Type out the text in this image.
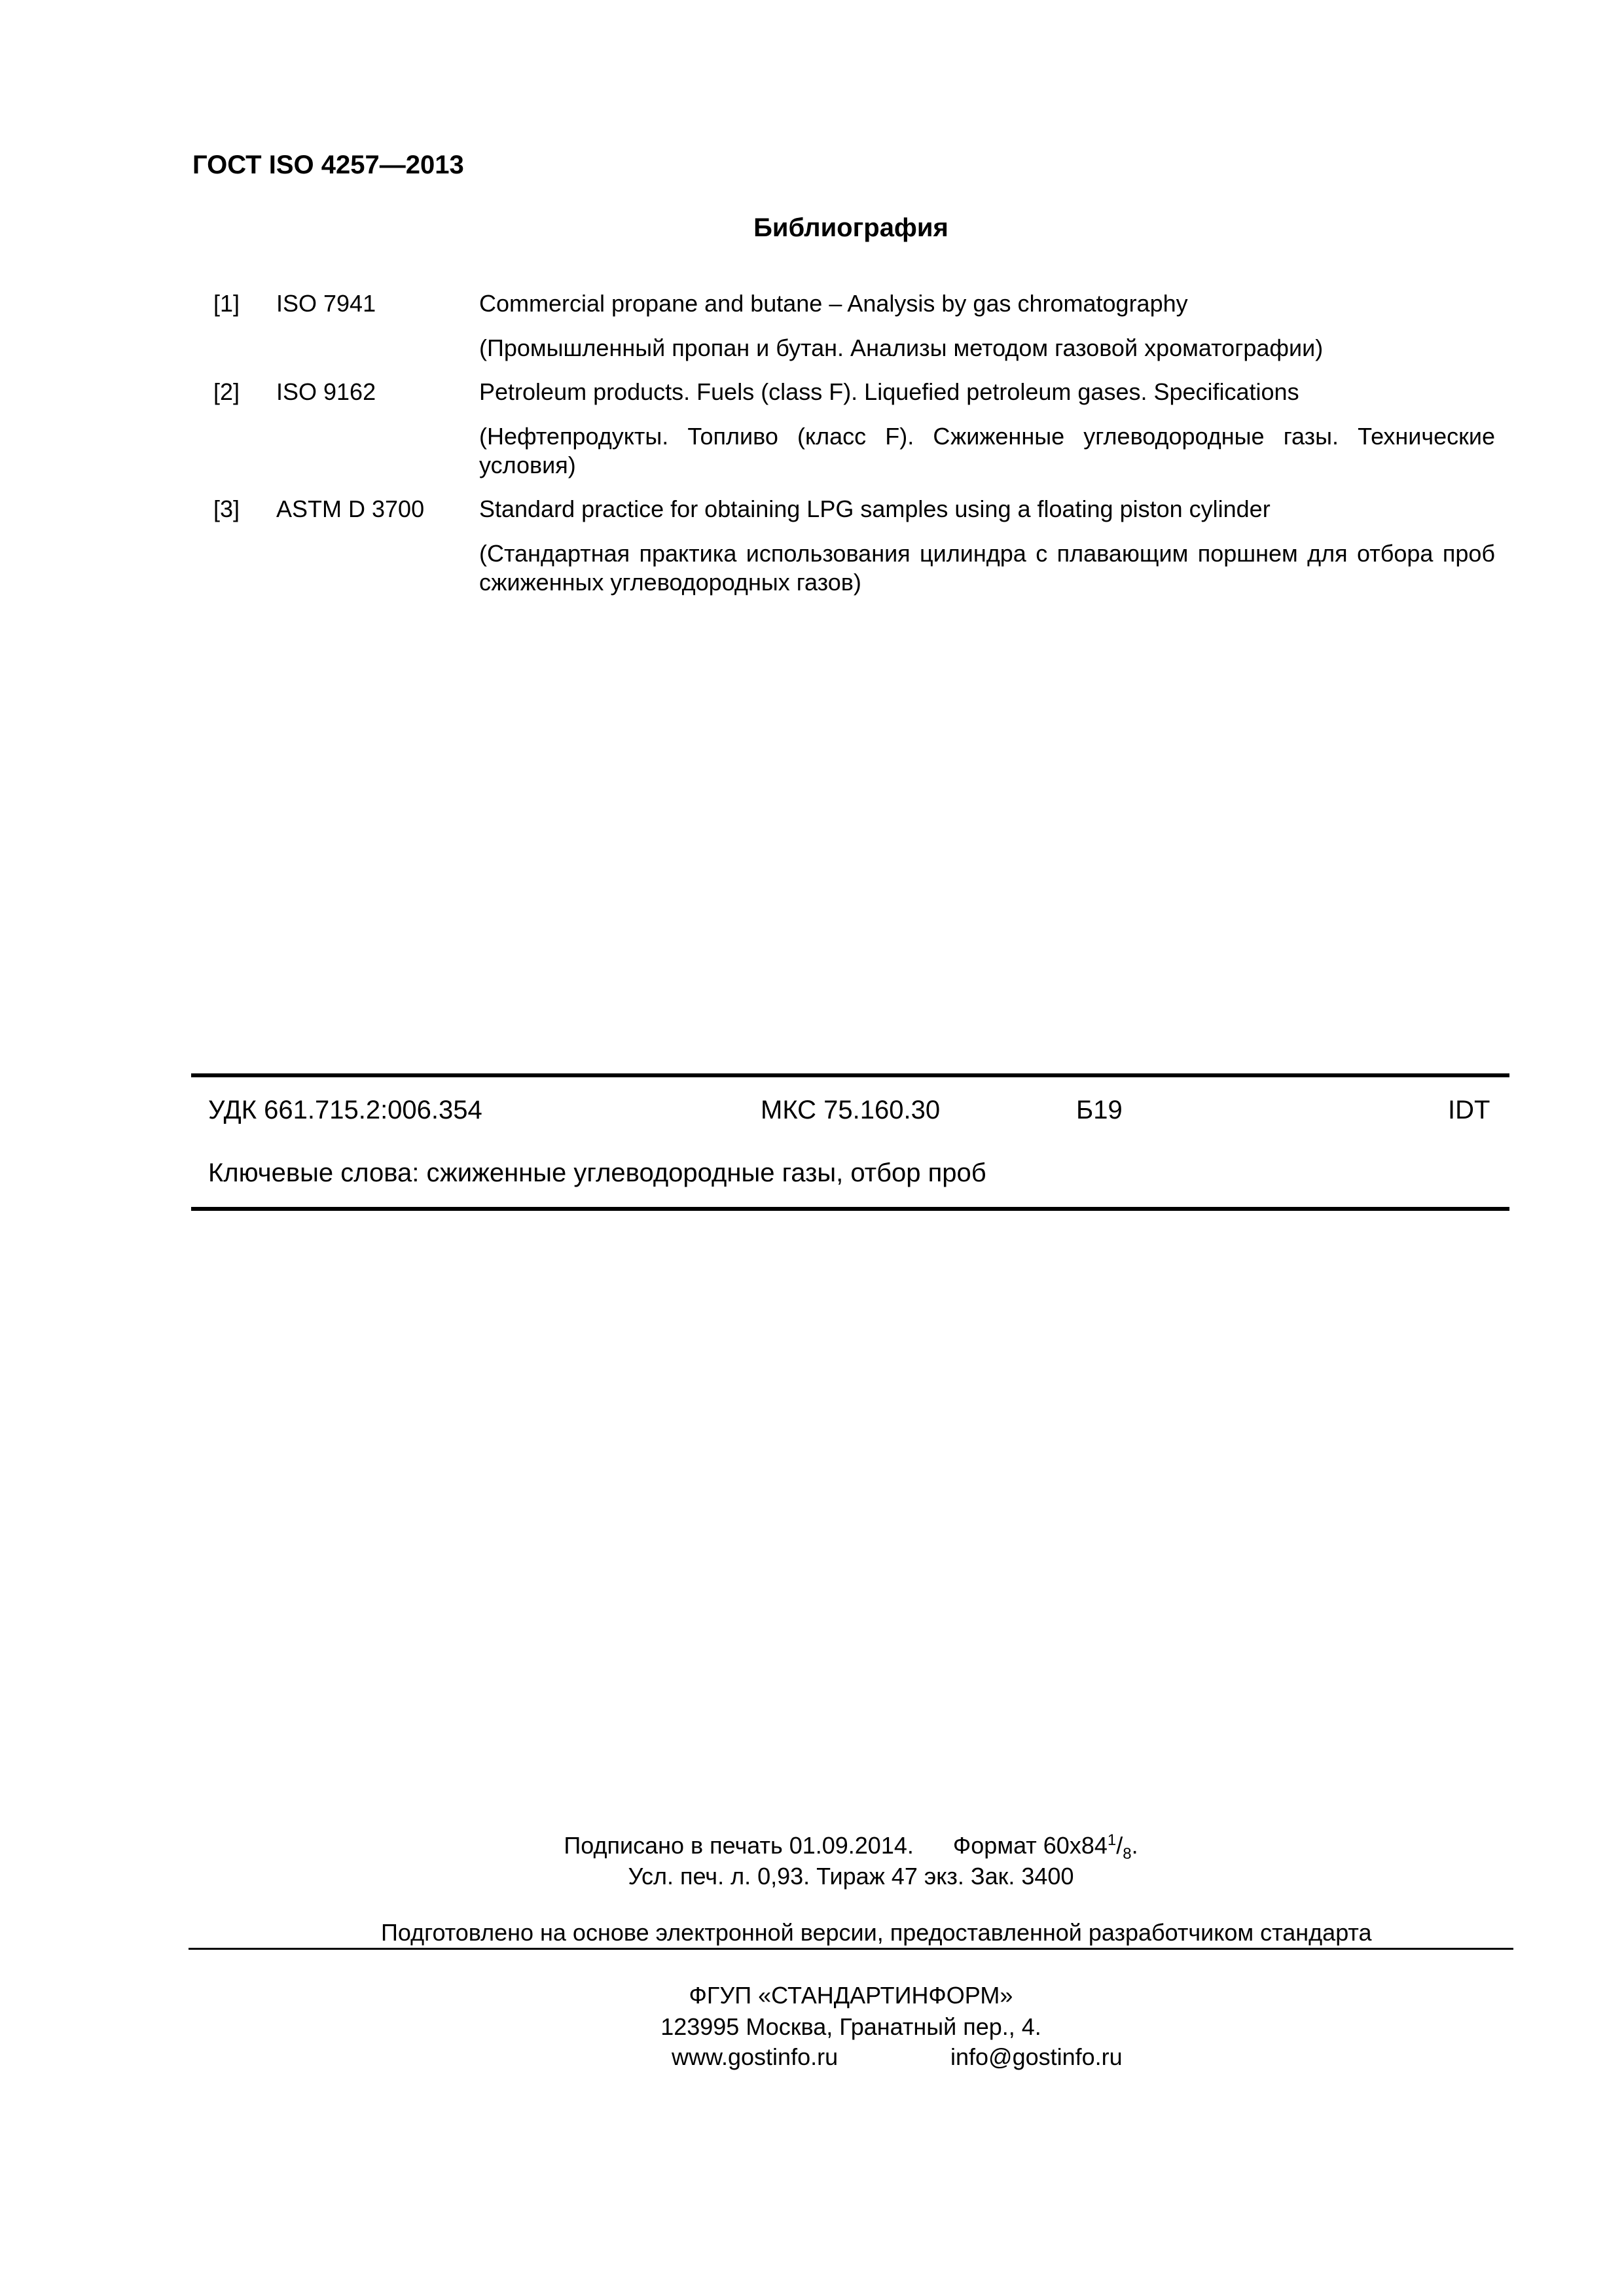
ГОСТ ISO 4257—2013
Библиография
[1] ISO 7941	Commercial propane and butane – Analysis by gas chromatography
(Промышленный пропан и бутан. Анализы методом газовой хроматографии)
[2] ISO 9162	Petroleum products. Fuels (class F). Liquefied petroleum gases. Specifications
(Нефтепродукты. Топливо (класс F). Сжиженные углеводородные газы. Технические условия)
[3] ASTM D 3700 Standard practice for obtaining LPG samples using a floating piston cylinder
(Стандартная практика использования цилиндра с плавающим поршнем для отбора проб сжиженных углеводородных газов)
УДК 661.715.2:006.354	МКС 75.160.30	Б19	IDT
Ключевые слова: сжиженные углеводородные газы, отбор проб
Подписано в печать 01.09.2014. Формат $60х84^1/_8$.
Усл. печ. л. 0,93. Тираж 47 экз. Зак. 3400
Подготовлено на основе электронной версии, предоставленной разработчиком стандарта
ФГУП «СТАНДАРТИНФОРМ»
123995 Москва, Гранатный пер., 4.
www.gostinfo.ru	info@gostinfo.ru
